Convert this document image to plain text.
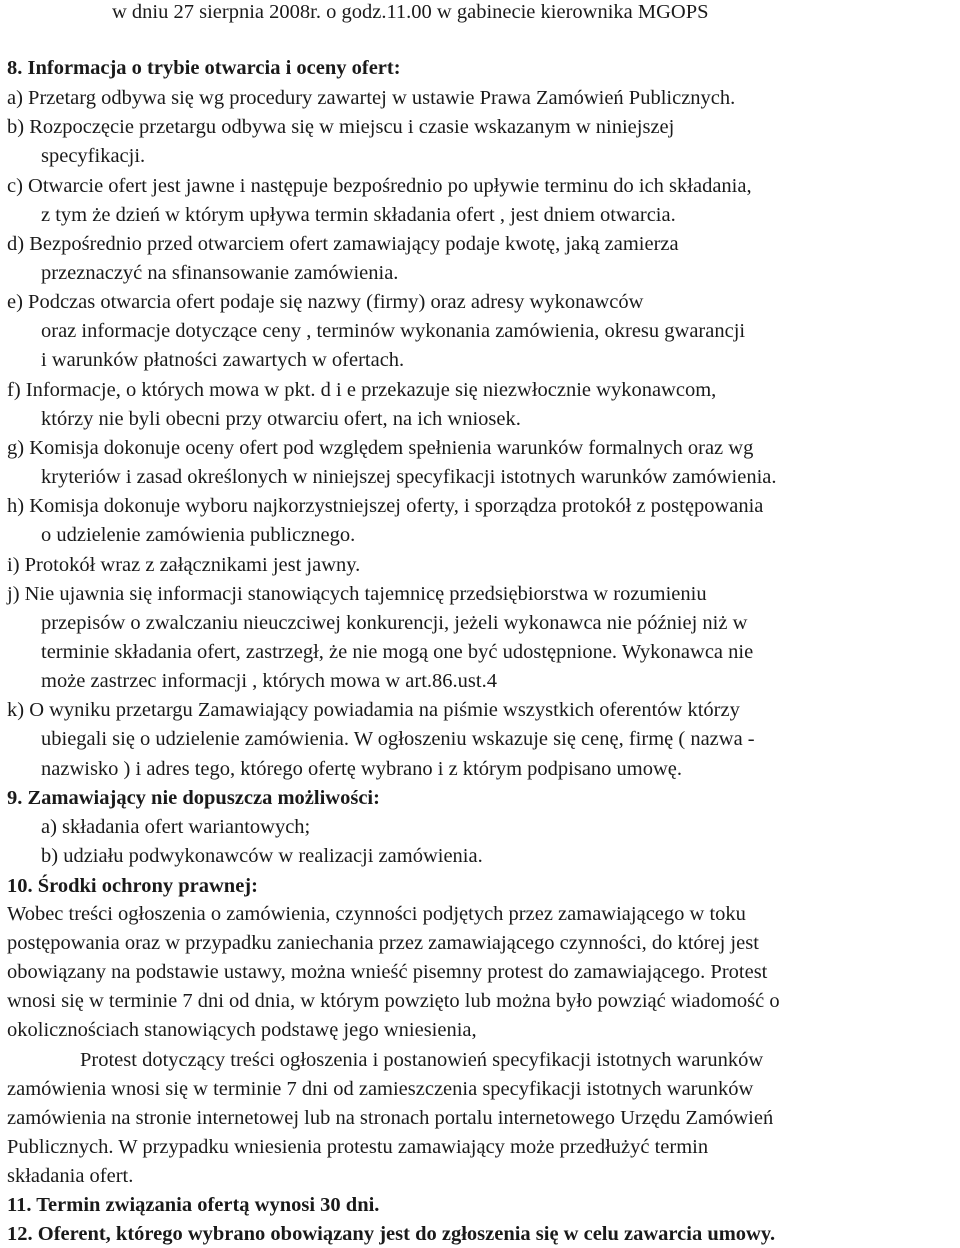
w dniu 27 sierpnia 2008r. o godz.11.00 w gabinecie kierownika MGOPS
8. Informacja o trybie otwarcia i oceny ofert:
a) Przetarg odbywa się wg procedury zawartej w ustawie Prawa Zamówień Publicznych.
b) Rozpoczęcie przetargu odbywa się w miejscu i czasie wskazanym w niniejszej
specyfikacji.
c) Otwarcie ofert jest jawne i następuje bezpośrednio po upływie terminu do ich składania,
z tym że dzień w którym upływa termin składania ofert , jest dniem otwarcia.
d) Bezpośrednio przed otwarciem ofert zamawiający podaje kwotę, jaką zamierza
przeznaczyć na sfinansowanie zamówienia.
e) Podczas otwarcia ofert podaje się nazwy (firmy) oraz adresy wykonawców
oraz informacje dotyczące ceny , terminów wykonania zamówienia, okresu gwarancji
i warunków płatności zawartych w ofertach.
f) Informacje, o których mowa w pkt. d i e przekazuje się niezwłocznie wykonawcom,
którzy nie byli obecni przy otwarciu ofert, na ich wniosek.
g) Komisja dokonuje oceny ofert pod względem spełnienia warunków formalnych oraz wg
kryteriów i zasad określonych w niniejszej specyfikacji istotnych warunków zamówienia.
h) Komisja dokonuje wyboru najkorzystniejszej oferty, i sporządza protokół z postępowania
o udzielenie zamówienia publicznego.
i) Protokół wraz z załącznikami jest jawny.
j) Nie ujawnia się informacji stanowiących tajemnicę przedsiębiorstwa w rozumieniu
przepisów o zwalczaniu nieuczciwej konkurencji, jeżeli wykonawca nie później niż w
terminie składania ofert, zastrzegł, że nie mogą one być udostępnione. Wykonawca nie
może zastrzec informacji , których mowa w art.86.ust.4
k) O wyniku przetargu Zamawiający powiadamia na piśmie wszystkich oferentów którzy
ubiegali się o udzielenie zamówienia. W ogłoszeniu wskazuje się cenę, firmę ( nazwa -
nazwisko ) i adres tego, którego ofertę wybrano i z którym podpisano umowę.
9. Zamawiający nie dopuszcza możliwości:
a) składania ofert wariantowych;
b) udziału podwykonawców w realizacji zamówienia.
10. Środki ochrony prawnej:
Wobec treści ogłoszenia o zamówienia, czynności podjętych przez zamawiającego w toku
postępowania oraz w przypadku zaniechania przez zamawiającego czynności, do której jest
obowiązany na podstawie ustawy, można wnieść pisemny protest do zamawiającego. Protest
wnosi się w terminie 7 dni od dnia, w którym powzięto lub można było powziąć wiadomość o
okolicznościach stanowiących podstawę jego wniesienia,
Protest dotyczący treści ogłoszenia i postanowień specyfikacji istotnych warunków
zamówienia wnosi się w terminie 7 dni od zamieszczenia specyfikacji istotnych warunków
zamówienia na stronie internetowej lub na stronach portalu internetowego Urzędu Zamówień
Publicznych. W przypadku wniesienia protestu zamawiający może przedłużyć termin
składania ofert.
11. Termin związania ofertą wynosi 30 dni.
12. Oferent, którego wybrano obowiązany jest do zgłoszenia się w celu zawarcia umowy.
